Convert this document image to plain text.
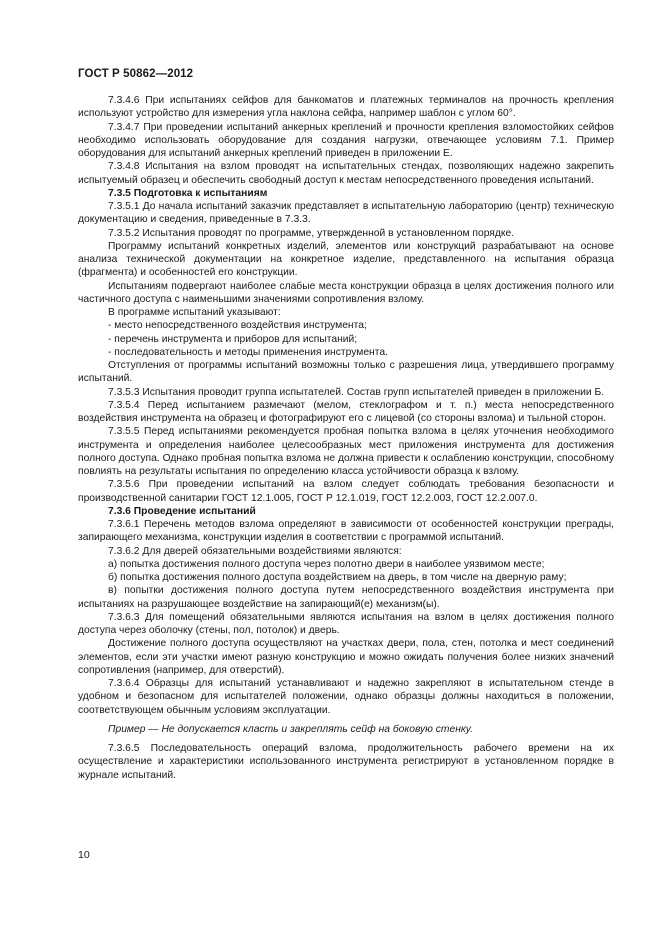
ГОСТ Р 50862—2012

7.3.4.6 При испытаниях сейфов для банкоматов и платежных терминалов на прочность крепления используют устройство для измерения угла наклона сейфа, например шаблон с углом 60°.

7.3.4.7 При проведении испытаний анкерных креплений и прочности крепления взломостойких сейфов необходимо использовать оборудование для создания нагрузки, отвечающее условиям 7.1. Пример оборудования для испытаний анкерных креплений приведен в приложении Е.

7.3.4.8 Испытания на взлом проводят на испытательных стендах, позволяющих надежно закрепить испытуемый образец и обеспечить свободный доступ к местам непосредственного проведения испытаний.

7.3.5 Подготовка к испытаниям

7.3.5.1 До начала испытаний заказчик представляет в испытательную лабораторию (центр) техническую документацию и сведения, приведенные в 7.3.3.

7.3.5.2 Испытания проводят по программе, утвержденной в установленном порядке.

Программу испытаний конкретных изделий, элементов или конструкций разрабатывают на основе анализа технической документации на конкретное изделие, представленного на испытания образца (фрагмента) и особенностей его конструкции.

Испытаниям подвергают наиболее слабые места конструкции образца в целях достижения полного или частичного доступа с наименьшими значениями сопротивления взлому.

В программе испытаний указывают:

- место непосредственного воздействия инструмента;

- перечень инструмента и приборов для испытаний;

- последовательность и методы применения инструмента.

Отступления от программы испытаний возможны только с разрешения лица, утвердившего программу испытаний.

7.3.5.3 Испытания проводит группа испытателей. Состав групп испытателей приведен в приложении Б.

7.3.5.4 Перед испытанием размечают (мелом, стеклографом и т. п.) места непосредственного воздействия инструмента на образец и фотографируют его с лицевой (со стороны взлома) и тыльной сторон.

7.3.5.5 Перед испытаниями рекомендуется пробная попытка взлома в целях уточнения необходимого инструмента и определения наиболее целесообразных мест приложения инструмента для достижения полного доступа. Однако пробная попытка взлома не должна привести к ослаблению конструкции, способному повлиять на результаты испытания по определению класса устойчивости образца к взлому.

7.3.5.6 При проведении испытаний на взлом следует соблюдать требования безопасности и производственной санитарии ГОСТ 12.1.005, ГОСТ Р 12.1.019, ГОСТ 12.2.003, ГОСТ 12.2.007.0.

7.3.6 Проведение испытаний

7.3.6.1 Перечень методов взлома определяют в зависимости от особенностей конструкции преграды, запирающего механизма, конструкции изделия в соответствии с программой испытаний.

7.3.6.2 Для дверей обязательными воздействиями являются:

а) попытка достижения полного доступа через полотно двери в наиболее уязвимом месте;

б) попытка достижения полного доступа воздействием на дверь, в том числе на дверную раму;

в) попытки достижения полного доступа путем непосредственного воздействия инструмента при испытаниях на разрушающее воздействие на запирающий(е) механизм(ы).

7.3.6.3 Для помещений обязательными являются испытания на взлом в целях достижения полного доступа через оболочку (стены, пол, потолок) и дверь.

Достижение полного доступа осуществляют на участках двери, пола, стен, потолка и мест соединений элементов, если эти участки имеют разную конструкцию и можно ожидать получения более низких значений сопротивления (например, для отверстий).

7.3.6.4 Образцы для испытаний устанавливают и надежно закрепляют в испытательном стенде в удобном и безопасном для испытателей положении, однако образцы должны находиться в положении, соответствующем обычным условиям эксплуатации.

Пример — Не допускается класть и закреплять сейф на боковую стенку.

7.3.6.5 Последовательность операций взлома, продолжительность рабочего времени на их осуществление и характеристики использованного инструмента регистрируют в установленном порядке в журнале испытаний.

10
